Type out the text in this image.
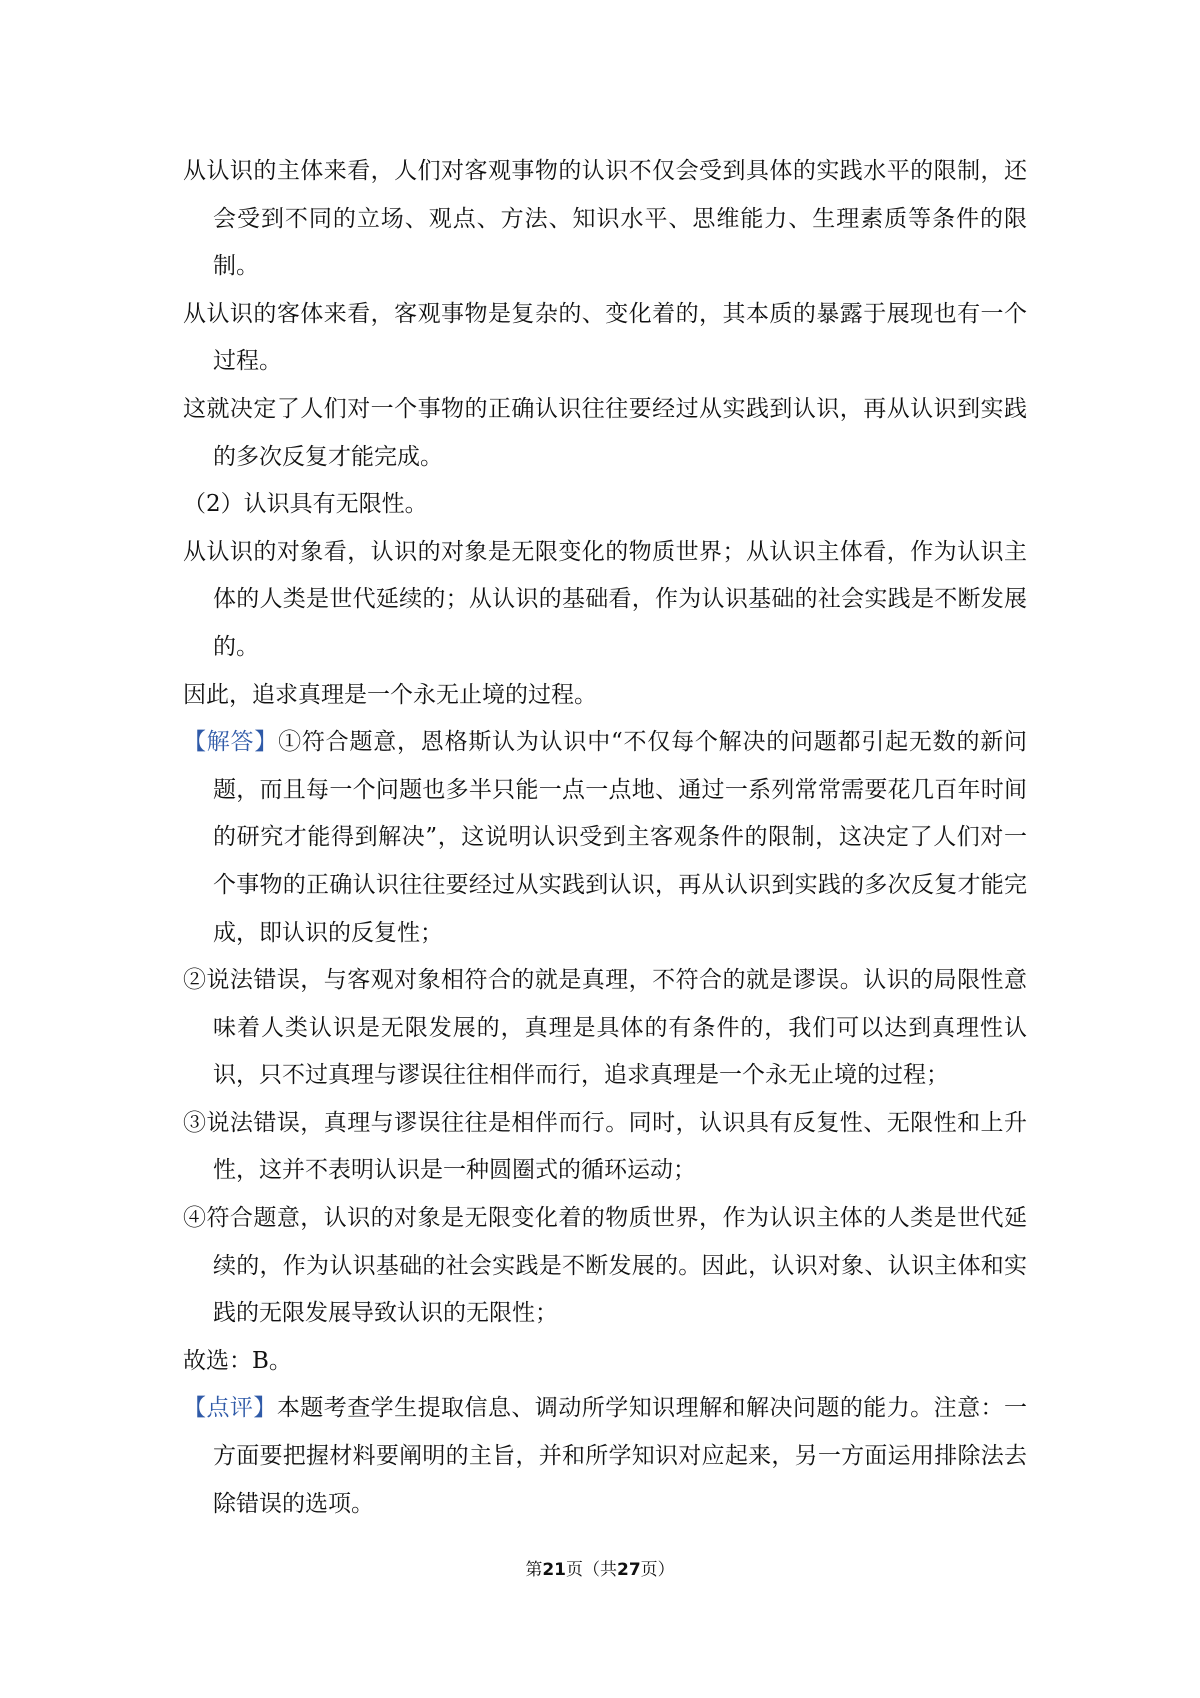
从认识的主体来看，人们对客观事物的认识不仅会受到具体的实践水平的限制，还会受到不同的立场、观点、方法、知识水平、思维能力、生理素质等条件的限制。

从认识的客体来看，客观事物是复杂的、变化着的，其本质的暴露于展现也有一个过程。

这就决定了人们对一个事物的正确认识往往要经过从实践到认识，再从认识到实践的多次反复才能完成。

（2）认识具有无限性。

从认识的对象看，认识的对象是无限变化的物质世界；从认识主体看，作为认识主体的人类是世代延续的；从认识的基础看，作为认识基础的社会实践是不断发展的。

因此，追求真理是一个永无止境的过程。

【解答】①符合题意，恩格斯认为认识中“不仅每个解决的问题都引起无数的新问题，而且每一个问题也多半只能一点一点地、通过一系列常常需要花几百年时间的研究才能得到解决”，这说明认识受到主客观条件的限制，这决定了人们对一个事物的正确认识往往要经过从实践到认识，再从认识到实践的多次反复才能完成，即认识的反复性；

②说法错误，与客观对象相符合的就是真理，不符合的就是谬误。认识的局限性意味着人类认识是无限发展的，真理是具体的有条件的，我们可以达到真理性认识，只不过真理与谬误往往相伴而行，追求真理是一个永无止境的过程；

③说法错误，真理与谬误往往是相伴而行。同时，认识具有反复性、无限性和上升性，这并不表明认识是一种圆圈式的循环运动；

④符合题意，认识的对象是无限变化着的物质世界，作为认识主体的人类是世代延续的，作为认识基础的社会实践是不断发展的。因此，认识对象、认识主体和实践的无限发展导致认识的无限性；

故选：B。

【点评】本题考查学生提取信息、调动所学知识理解和解决问题的能力。注意：一方面要把握材料要阐明的主旨，并和所学知识对应起来，另一方面运用排除法去除错误的选项。

第21页（共27页）
